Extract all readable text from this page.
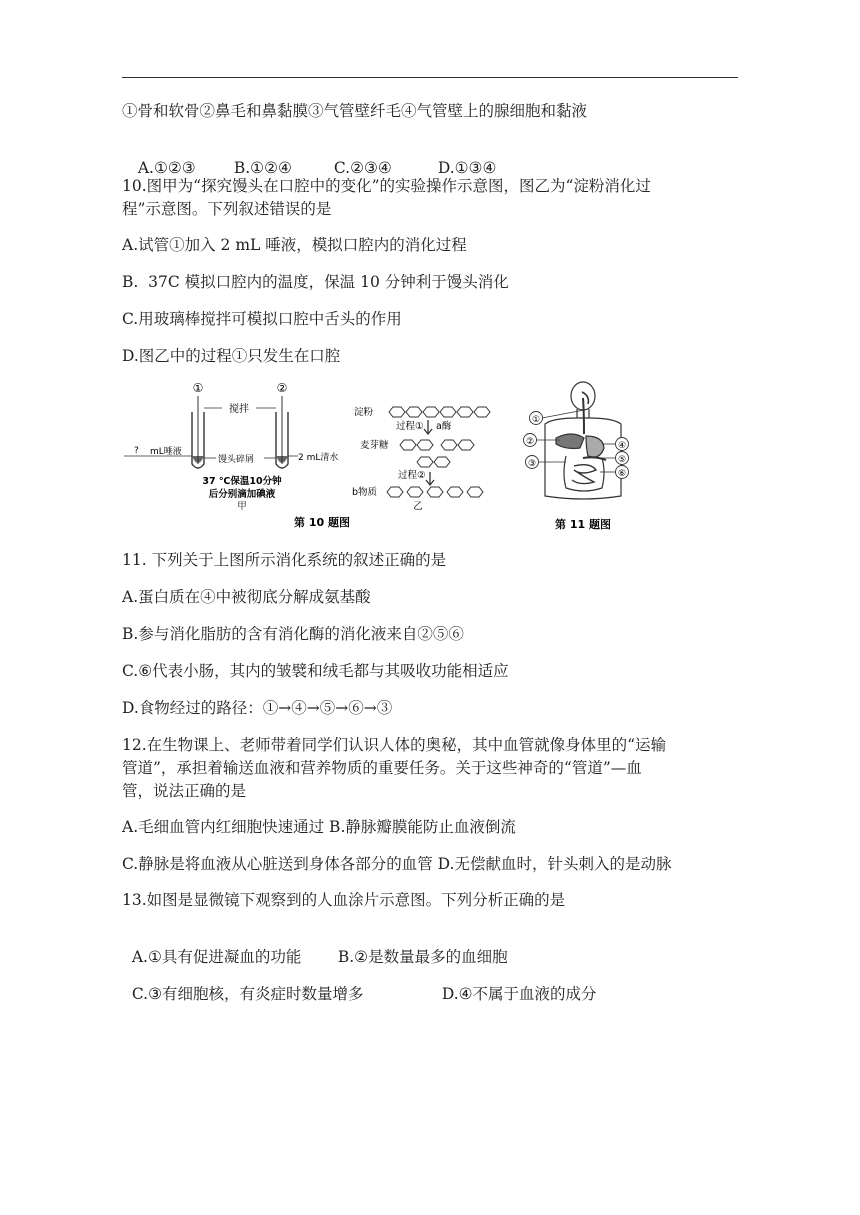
①骨和软骨②鼻毛和鼻黏膜③气管壁纤毛④气管壁上的腺细胞和黏液

A.①②③ B.①②④	C.②③④	D.①③④

10.图甲为“探究馒头在口腔中的变化”的实验操作示意图，图乙为“淀粉消化过
程”示意图。下列叙述错误的是
A.试管①加入 2 mL 唾液，模拟口腔内的消化过程
B.  37C 模拟口腔内的温度，保温 10 分钟利于馒头消化
C.用玻璃棒搅拌可模拟口腔中舌头的作用
D.图乙中的过程①只发生在口腔
①	②
搅拌
? mL唾液
馒头碎屑	2 mL清水
37 ℃保温10分钟
后分别滴加碘液
甲
淀粉
过程① a酶
麦芽糖
过程②
b物质
乙
第 10 题图
①
②
③
④
⑤
⑥
第 11 题图
11. 下列关于上图所示消化系统的叙述正确的是
A.蛋白质在④中被彻底分解成氨基酸
B.参与消化脂肪的含有消化酶的消化液来自②⑤⑥
C.⑥代表小肠，其内的皱襞和绒毛都与其吸收功能相适应
D.食物经过的路径：①→④→⑤→⑥→③
12.在生物课上、老师带着同学们认识人体的奥秘，其中血管就像身体里的“运输
管道”，承担着输送血液和营养物质的重要任务。关于这些神奇的“管道”—血
管，说法正确的是
A.毛细血管内红细胞快速通过 B.静脉瓣膜能防止血液倒流
C.静脉是将血液从心脏送到身体各部分的血管 D.无偿献血时，针头刺入的是动脉
13.如图是显微镜下观察到的人血涂片示意图。下列分析正确的是

A.①具有促进凝血的功能 B.②是数量最多的血细胞

C.③有细胞核，有炎症时数量增多	D.④不属于血液的成分
